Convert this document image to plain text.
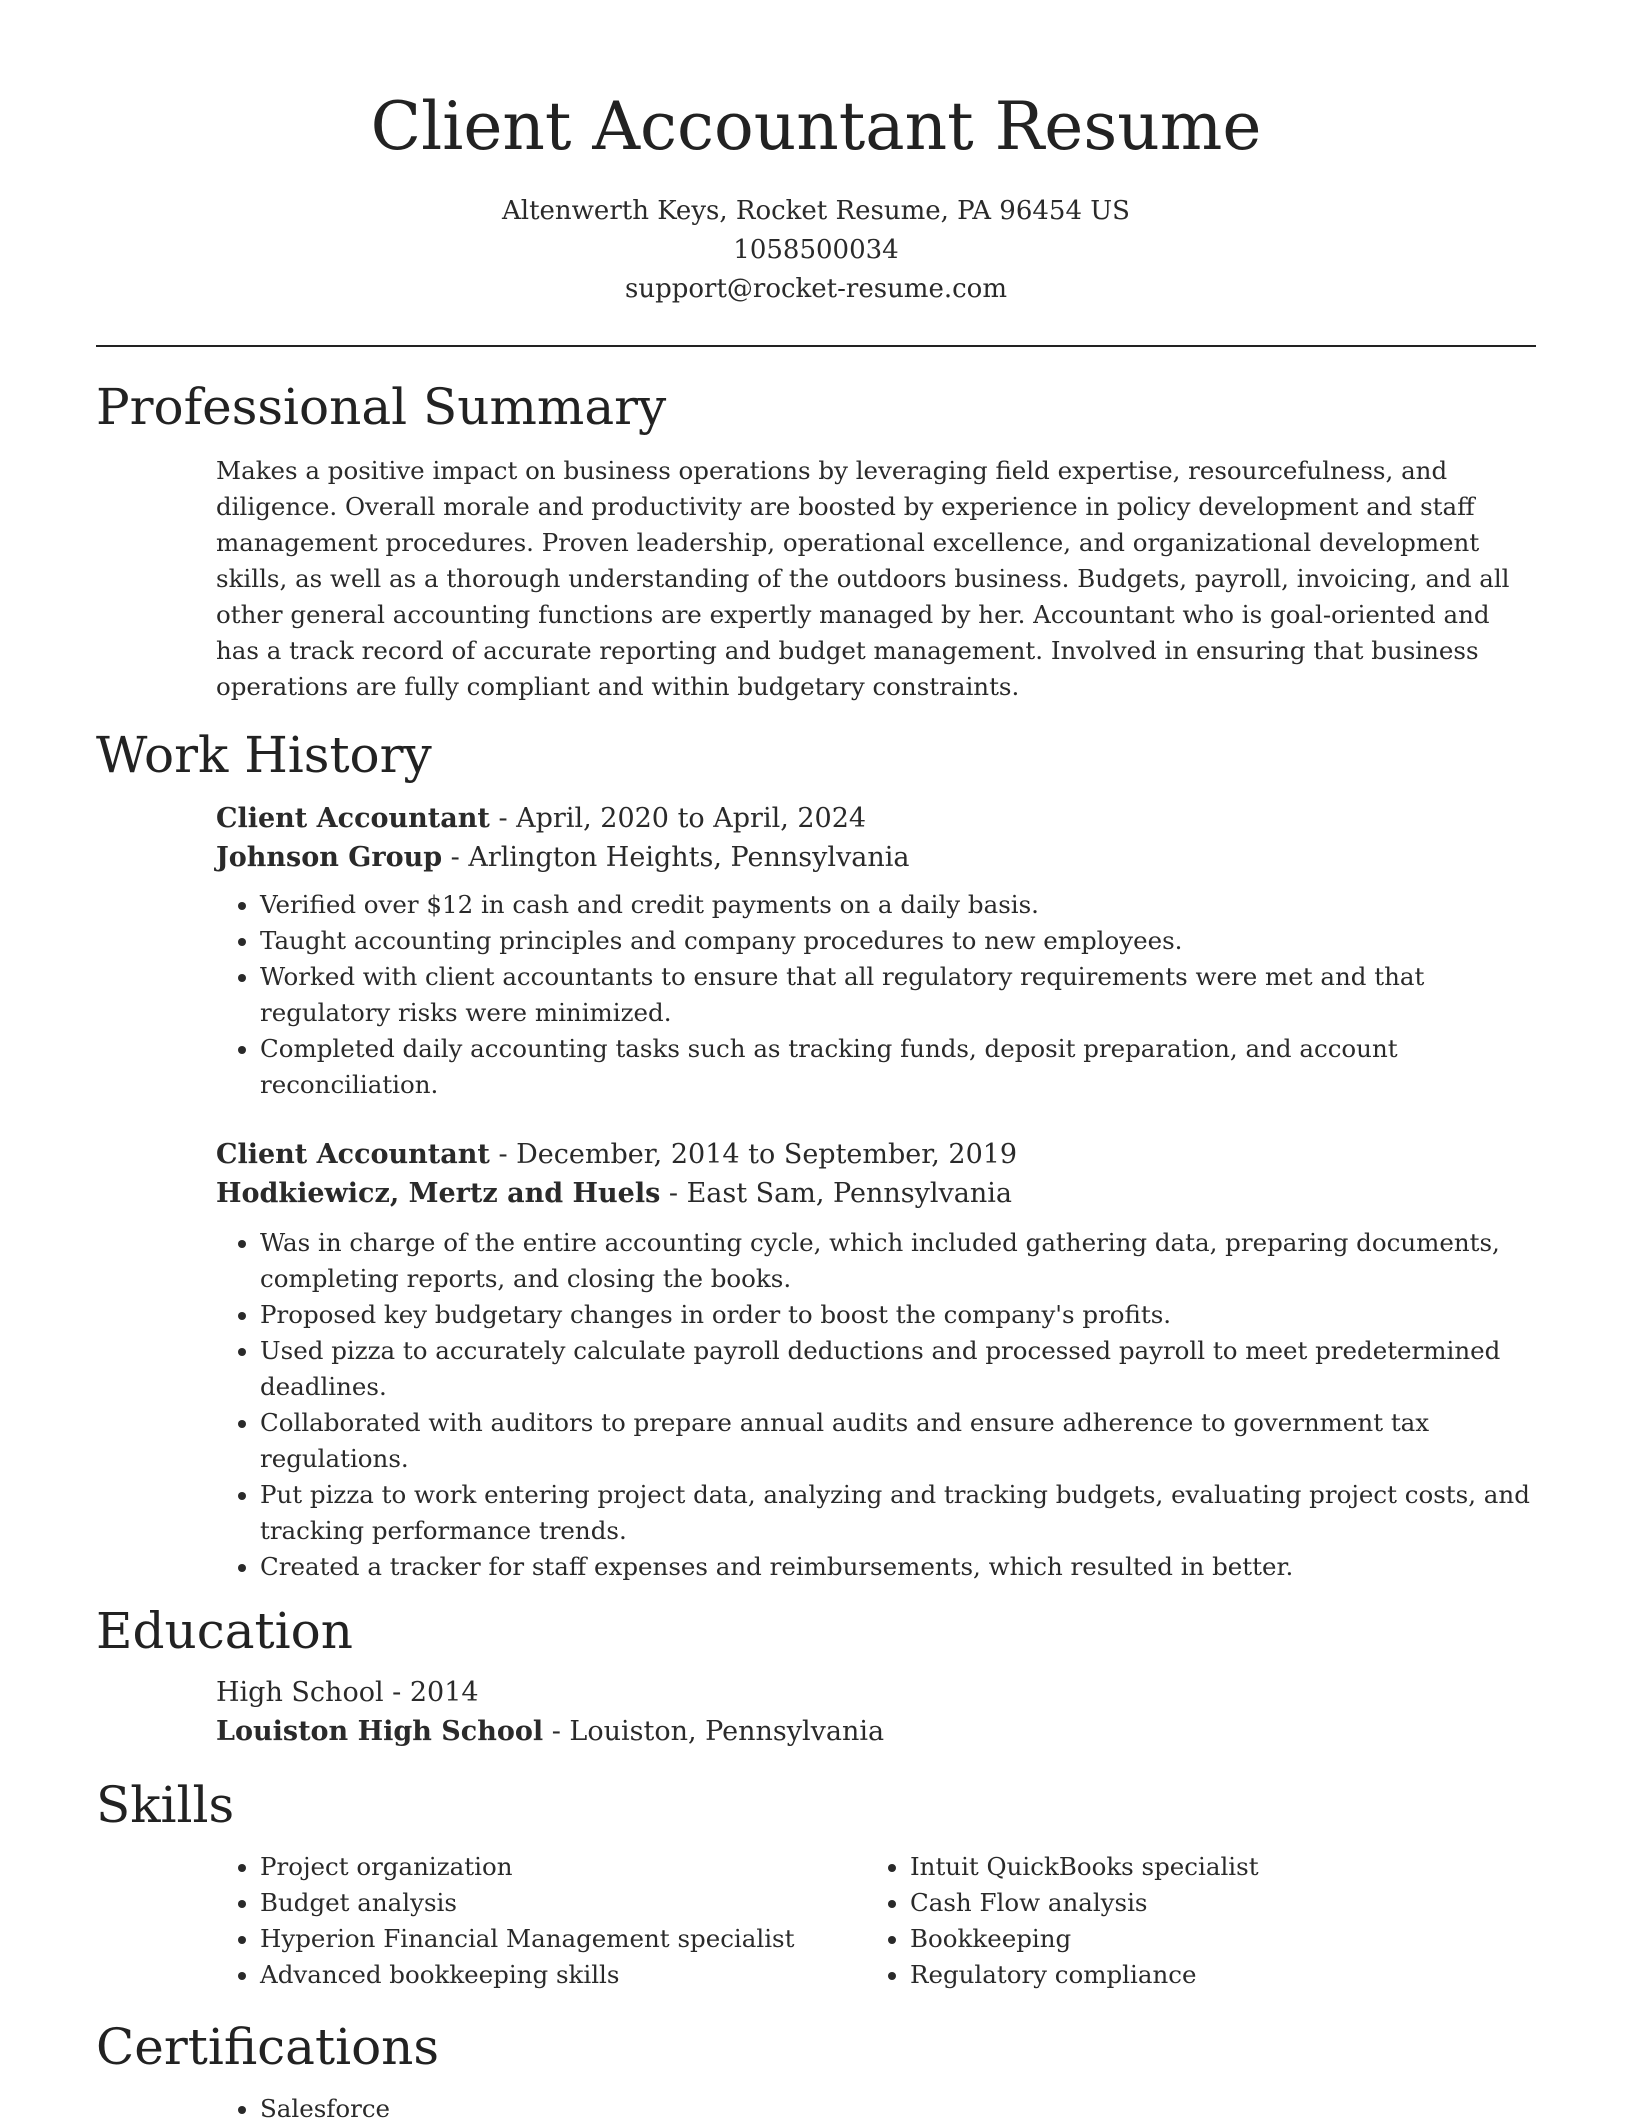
Client Accountant Resume
Altenwerth Keys, Rocket Resume, PA 96454 US
1058500034
support@rocket-resume.com
Professional Summary

Makes a positive impact on business operations by leveraging field expertise, resourcefulness, and diligence. Overall morale and productivity are boosted by experience in policy development and staff management procedures. Proven leadership, operational excellence, and organizational development skills, as well as a thorough understanding of the outdoors business. Budgets, payroll, invoicing, and all other general accounting functions are expertly managed by her. Accountant who is goal-oriented and has a track record of accurate reporting and budget management. Involved in ensuring that business operations are fully compliant and within budgetary constraints.

Work History
Client Accountant - April, 2020 to April, 2024
Johnson Group - Arlington Heights, Pennsylvania
• Verified over $12 in cash and credit payments on a daily basis.
• Taught accounting principles and company procedures to new employees.
• Worked with client accountants to ensure that all regulatory requirements were met and that regulatory risks were minimized.
• Completed daily accounting tasks such as tracking funds, deposit preparation, and account reconciliation.
Client Accountant - December, 2014 to September, 2019
Hodkiewicz, Mertz and Huels - East Sam, Pennsylvania
• Was in charge of the entire accounting cycle, which included gathering data, preparing documents, completing reports, and closing the books.
• Proposed key budgetary changes in order to boost the company's profits.
• Used pizza to accurately calculate payroll deductions and processed payroll to meet predetermined deadlines.
• Collaborated with auditors to prepare annual audits and ensure adherence to government tax regulations.
• Put pizza to work entering project data, analyzing and tracking budgets, evaluating project costs, and tracking performance trends.
• Created a tracker for staff expenses and reimbursements, which resulted in better.
Education
High School - 2014
Louiston High School - Louiston, Pennsylvania
Skills
• Project organization
• Budget analysis
• Hyperion Financial Management specialist
• Advanced bookkeeping skills
• Intuit QuickBooks specialist
• Cash Flow analysis
• Bookkeeping
• Regulatory compliance
Certifications
• Salesforce
